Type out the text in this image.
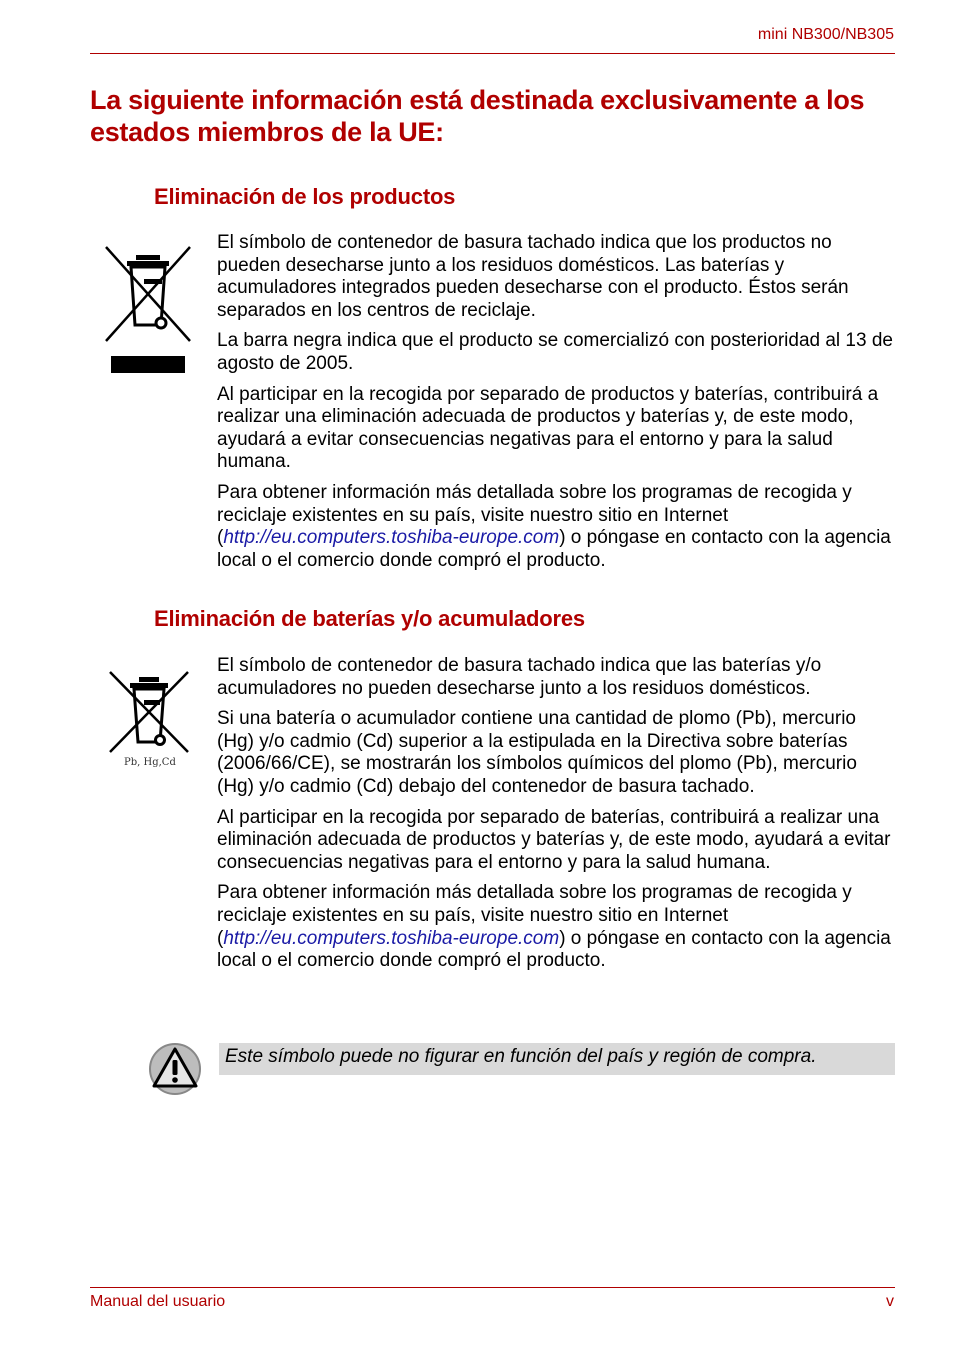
mini NB300/NB305
La siguiente información está destinada exclusivamente a los estados miembros de la UE:
Eliminación de los productos

El símbolo de contenedor de basura tachado indica que los productos no pueden desecharse junto a los residuos domésticos. Las baterías y acumuladores integrados pueden desecharse con el producto. Éstos serán separados en los centros de reciclaje.

La barra negra indica que el producto se comercializó con posterioridad al 13 de agosto de 2005.

Al participar en la recogida por separado de productos y baterías, contribuirá a realizar una eliminación adecuada de productos y baterías y, de este modo, ayudará a evitar consecuencias negativas para el entorno y para la salud humana.

Para obtener información más detallada sobre los programas de recogida y reciclaje existentes en su país, visite nuestro sitio en Internet (http://eu.computers.toshiba-europe.com) o póngase en contacto con la agencia local o el comercio donde compró el producto.

Eliminación de baterías y/o acumuladores
Pb, Hg,Cd

El símbolo de contenedor de basura tachado indica que las baterías y/o acumuladores no pueden desecharse junto a los residuos domésticos.

Si una batería o acumulador contiene una cantidad de plomo (Pb), mercurio (Hg) y/o cadmio (Cd) superior a la estipulada en la Directiva sobre baterías (2006/66/CE), se mostrarán los símbolos químicos del plomo (Pb), mercurio (Hg) y/o cadmio (Cd) debajo del contenedor de basura tachado.

Al participar en la recogida por separado de baterías, contribuirá a realizar una eliminación adecuada de productos y baterías y, de este modo, ayudará a evitar consecuencias negativas para el entorno y para la salud humana.

Para obtener información más detallada sobre los programas de recogida y reciclaje existentes en su país, visite nuestro sitio en Internet (http://eu.computers.toshiba-europe.com) o póngase en contacto con la agencia local o el comercio donde compró el producto.

Este símbolo puede no figurar en función del país y región de compra.
Manual del usuario	v
